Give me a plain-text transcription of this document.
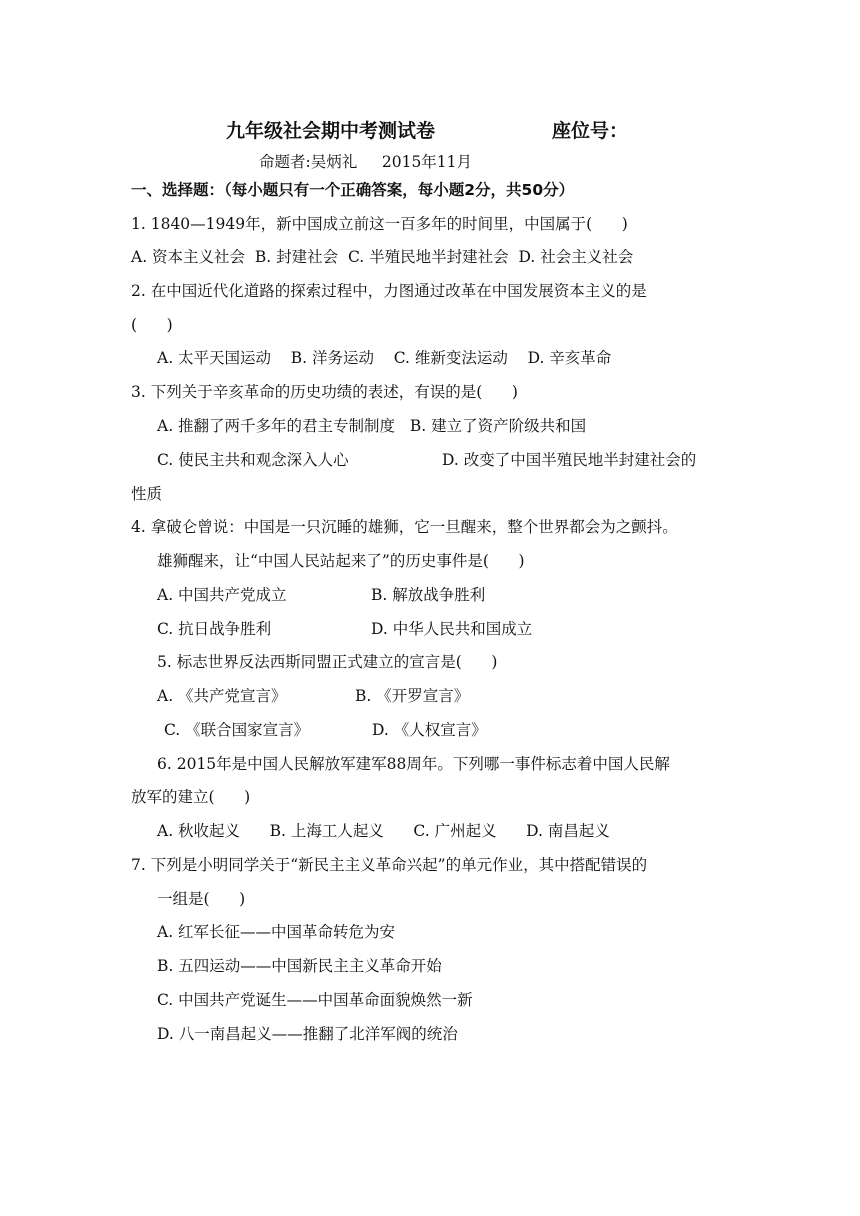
九年级社会期中考测试卷	座位号：
命题者:吴炳礼     2015年11月
一、选择题：（每小题只有一个正确答案，每小题2分，共50分）
1. 1840—1949年，新中国成立前这一百多年的时间里，中国属于(      )
A. 资本主义社会  B. 封建社会  C. 半殖民地半封建社会  D. 社会主义社会
2. 在中国近代化道路的探索过程中，力图通过改革在中国发展资本主义的是
(      )
A. 太平天国运动    B. 洋务运动    C. 维新变法运动    D. 辛亥革命
3. 下列关于辛亥革命的历史功绩的表述，有误的是(      )
A. 推翻了两千多年的君主专制制度   B. 建立了资产阶级共和国
C. 使民主共和观念深入人心	D. 改变了中国半殖民地半封建社会的
性质
4. 拿破仑曾说：中国是一只沉睡的雄狮，它一旦醒来，整个世界都会为之颤抖。
雄狮醒来，让“中国人民站起来了”的历史事件是(      )
A. 中国共产党成立	B. 解放战争胜利
C. 抗日战争胜利	D. 中华人民共和国成立
5. 标志世界反法西斯同盟正式建立的宣言是(      )
A. 《共产党宣言》	B. 《开罗宣言》
C. 《联合国家宣言》	D. 《人权宣言》
6. 2015年是中国人民解放军建军88周年。下列哪一事件标志着中国人民解
放军的建立(      )
A. 秋收起义      B. 上海工人起义      C. 广州起义      D. 南昌起义
7. 下列是小明同学关于“新民主主义革命兴起”的单元作业，其中搭配错误的
一组是(      )
A. 红军长征——中国革命转危为安
B. 五四运动——中国新民主主义革命开始
C. 中国共产党诞生——中国革命面貌焕然一新
D. 八一南昌起义——推翻了北洋军阀的统治
